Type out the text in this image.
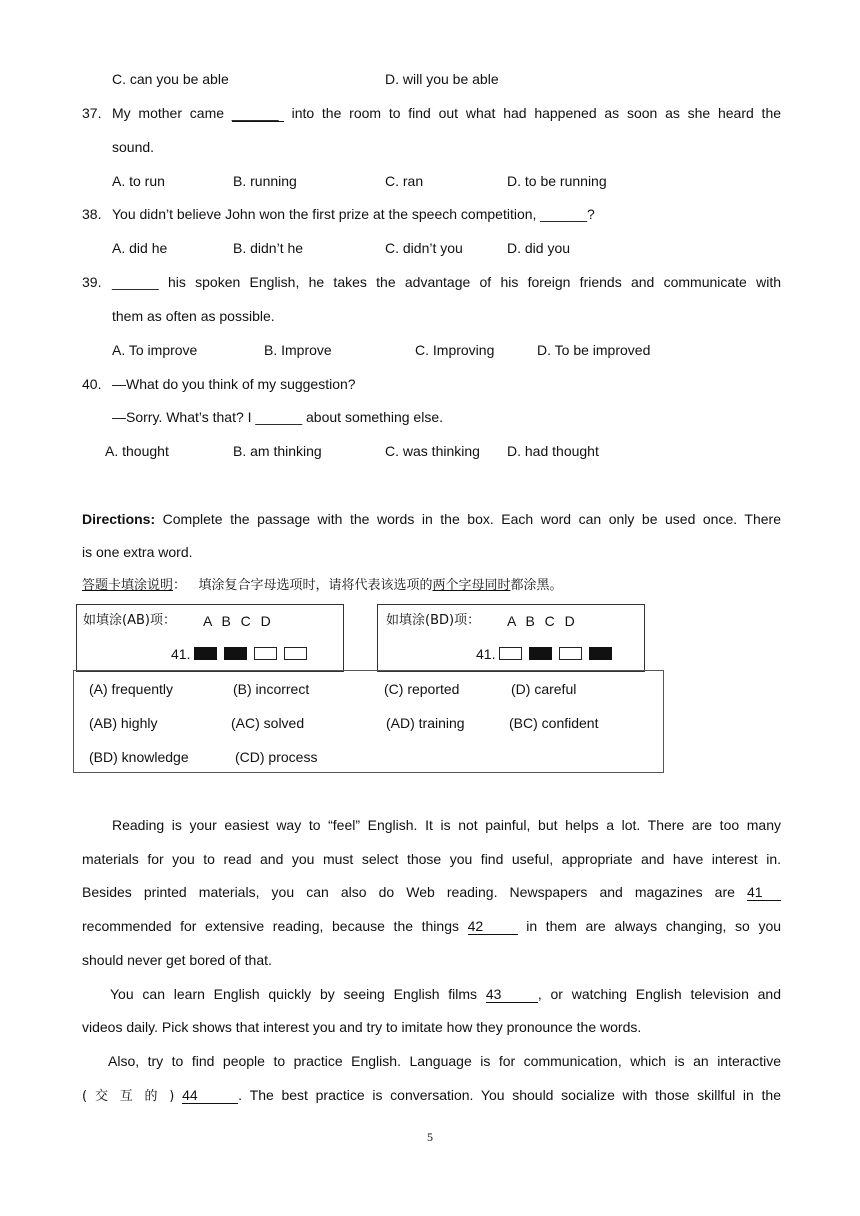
C. can you be able	D. will you be able
37. My mother came ______ into the room to find out what had happened as soon as she heard the
sound.
A. to run	B. running	C. ran	D. to be running
38. You didn’t believe John won the first prize at the speech competition, ______?
A. did he	B. didn’t he	C. didn’t you	D. did you
39. ______ his spoken English, he takes the advantage of his foreign friends and communicate with
them as often as possible.
A. To improve	B. Improve	C. Improving	D. To be improved
40. —What do you think of my suggestion?
—Sorry. What’s that? I ______ about something else.
A. thought	B. am thinking	C. was thinking D. had thought
Directions: Complete the passage with the words in the box. Each word can only be used once. There
is one extra word.
答题卡填涂说明： 填涂复合字母选项时，请将代表该选项的两个字母同时都涂黑。
如填涂(AB)项： A B C D
41.
如填涂(BD)项： A B C D
41.
(A) frequently	(B) incorrect	(C) reported	(D) careful
(AB) highly	(AC) solved	(AD) training	(BC) confident
(BD) knowledge	(CD) process
Reading is your easiest way to “feel” English. It is not painful, but helps a lot. There are too many
materials for you to read and you must select those you find useful, appropriate and have interest in.
Besides printed materials, you can also do Web reading. Newspapers and magazines are 41
recommended for extensive reading, because the things 42	in them are always changing, so you
should never get bored of that.
You can learn English quickly by seeing English films 43	, or watching English television and
videos daily. Pick shows that interest you and try to imitate how they pronounce the words.
Also, try to find people to practice English. Language is for communication, which is an interactive
( 交 互 的 ) 44	. The best practice is conversation. You should socialize with those skillful in the
5
